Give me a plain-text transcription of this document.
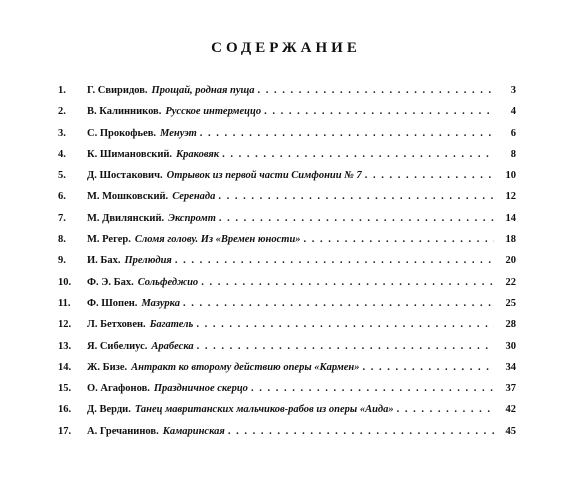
СОДЕРЖАНИЕ
1.	Г. Свиридов. Прощай, родная пуща . . .	3
2.	В. Калинников. Русское интермеццо . . .	4
3.	С. Прокофьев. Менуэт . . .	6
4.	К. Шимановский. Краковяк . . .	8
5.	Д. Шостакович. Отрывок из первой части Симфонии № 7 . . .	10
6.	М. Мошковский. Серенада . . .	12
7.	М. Двилянский. Экспромт . . .	14
8.	М. Регер. Сломя голову. Из «Времен юности» . . .	18
9.	И. Бах. Прелюдия . . .	20
10.	Ф. Э. Бах. Сольфеджио . . .	22
11.	Ф. Шопен. Мазурка . . .	25
12.	Л. Бетховен. Багатель . . .	28
13.	Я. Сибелиус. Арабеска . . .	30
14.	Ж. Бизе. Антракт ко второму действию оперы «Кармен» . . .	34
15.	О. Агафонов. Праздничное скерцо . . .	37
16.	Д. Верди. Танец мавританских мальчиков-рабов из оперы «Аида» . . .	42
17.	А. Гречанинов. Камаринская . . .	45
